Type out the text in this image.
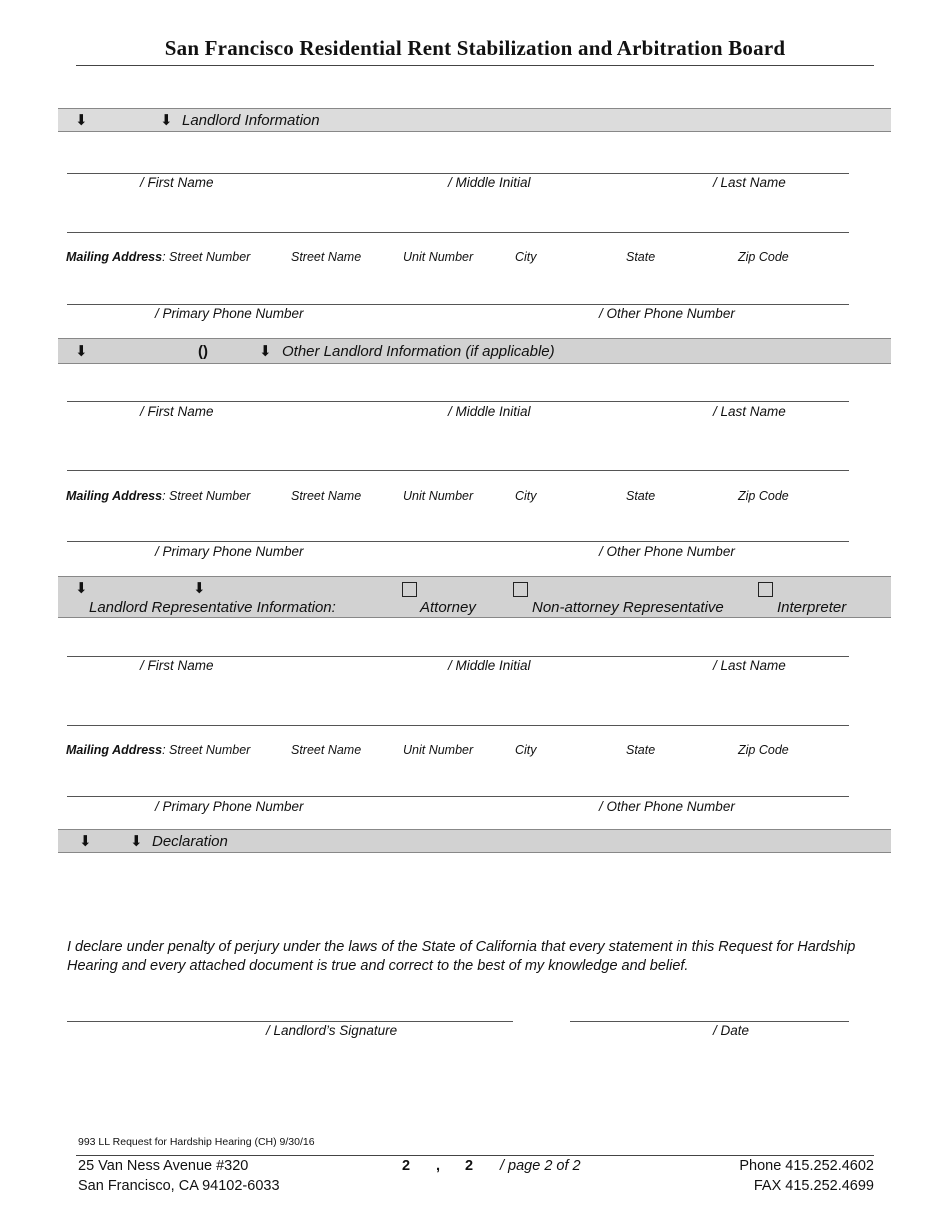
San Francisco Residential Rent Stabilization and Arbitration Board
⬇	⬇ Landlord Information
/ First Name	/ Middle Initial	/ Last Name
Mailing Address: Street Number	Street Name	Unit Number	City	State	Zip Code
/ Primary Phone Number	/ Other Phone Number
⬇	()	⬇ Other Landlord Information (if applicable)
/ First Name	/ Middle Initial	/ Last Name
Mailing Address: Street Number	Street Name	Unit Number	City	State	Zip Code
/ Primary Phone Number	/ Other Phone Number
⬇	⬇
Landlord Representative Information:	Attorney	Non-attorney Representative	Interpreter
/ First Name	/ Middle Initial	/ Last Name
Mailing Address: Street Number	Street Name	Unit Number	City	State	Zip Code
/ Primary Phone Number	/ Other Phone Number
⬇	⬇ Declaration
I declare under penalty of perjury under the laws of the State of California that every statement in this Request for Hardship Hearing and every attached document is true and correct to the best of my knowledge and belief.
/ Landlord’s Signature	/ Date
993 LL Request for Hardship Hearing (CH) 9/30/16
25 Van Ness Avenue #320
San Francisco, CA 94102-6033
2 , 2 / page 2 of 2	Phone 415.252.4602
FAX 415.252.4699
